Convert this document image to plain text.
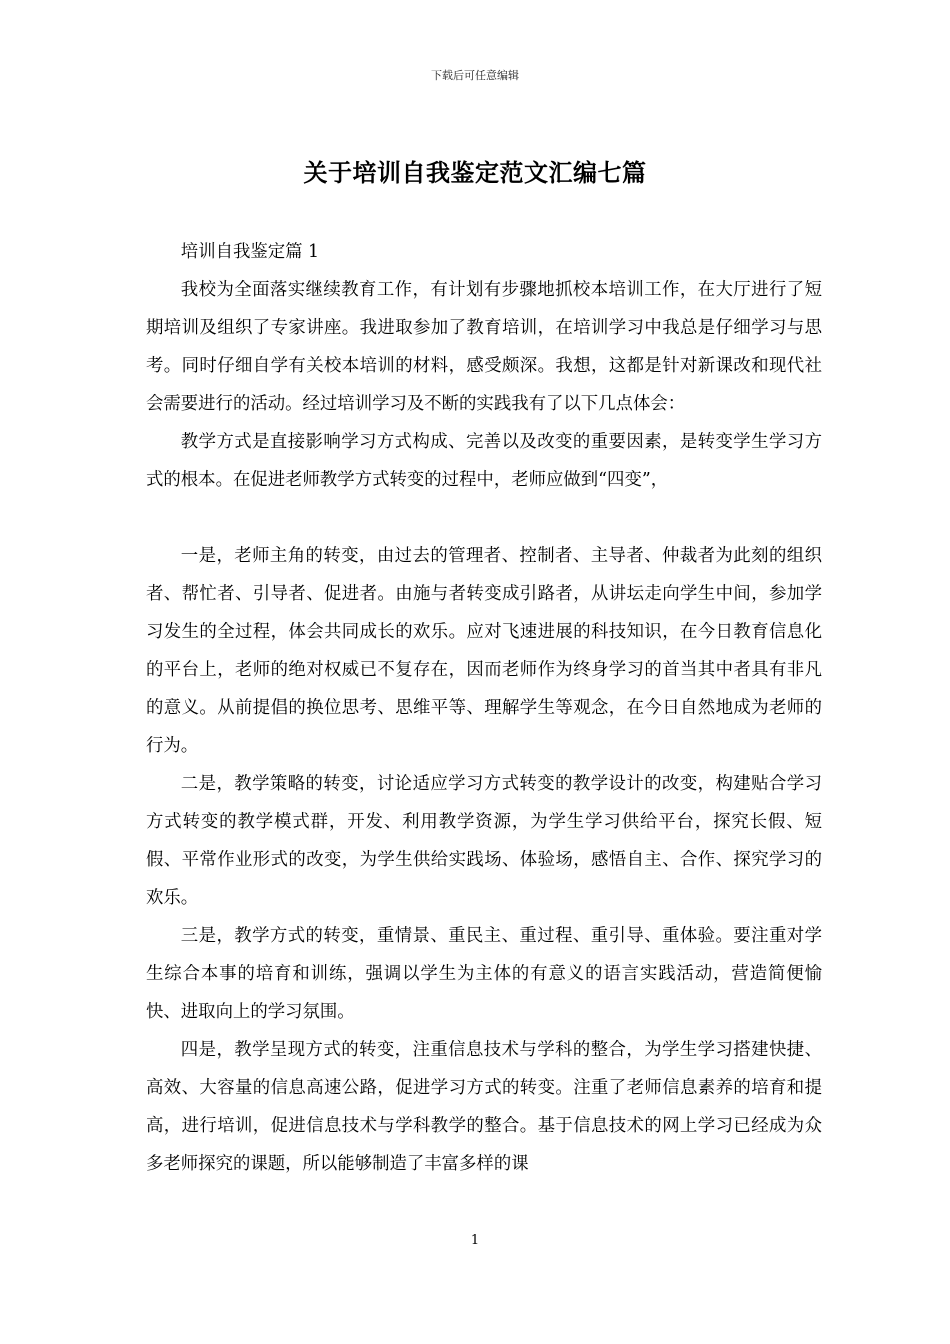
下载后可任意编辑
关于培训自我鉴定范文汇编七篇

培训自我鉴定篇 1

我校为全面落实继续教育工作，有计划有步骤地抓校本培训工作，在大厅进行了短期培训及组织了专家讲座。我进取参加了教育培训，在培训学习中我总是仔细学习与思考。同时仔细自学有关校本培训的材料，感受颇深。我想，这都是针对新课改和现代社会需要进行的活动。经过培训学习及不断的实践我有了以下几点体会：

教学方式是直接影响学习方式构成、完善以及改变的重要因素，是转变学生学习方式的根本。在促进老师教学方式转变的过程中，老师应做到“四变”，

一是，老师主角的转变，由过去的管理者、控制者、主导者、仲裁者为此刻的组织者、帮忙者、引导者、促进者。由施与者转变成引路者，从讲坛走向学生中间，参加学习发生的全过程，体会共同成长的欢乐。应对飞速进展的科技知识，在今日教育信息化的平台上，老师的绝对权威已不复存在，因而老师作为终身学习的首当其中者具有非凡的意义。从前提倡的换位思考、思维平等、理解学生等观念，在今日自然地成为老师的行为。

二是，教学策略的转变，讨论适应学习方式转变的教学设计的改变，构建贴合学习方式转变的教学模式群，开发、利用教学资源，为学生学习供给平台，探究长假、短假、平常作业形式的改变，为学生供给实践场、体验场，感悟自主、合作、探究学习的欢乐。

三是，教学方式的转变，重情景、重民主、重过程、重引导、重体验。要注重对学生综合本事的培育和训练，强调以学生为主体的有意义的语言实践活动，营造简便愉快、进取向上的学习氛围。

四是，教学呈现方式的转变，注重信息技术与学科的整合，为学生学习搭建快捷、高效、大容量的信息高速公路，促进学习方式的转变。注重了老师信息素养的培育和提高，进行培训，促进信息技术与学科教学的整合。基于信息技术的网上学习已经成为众多老师探究的课题，所以能够制造了丰富多样的课

1
